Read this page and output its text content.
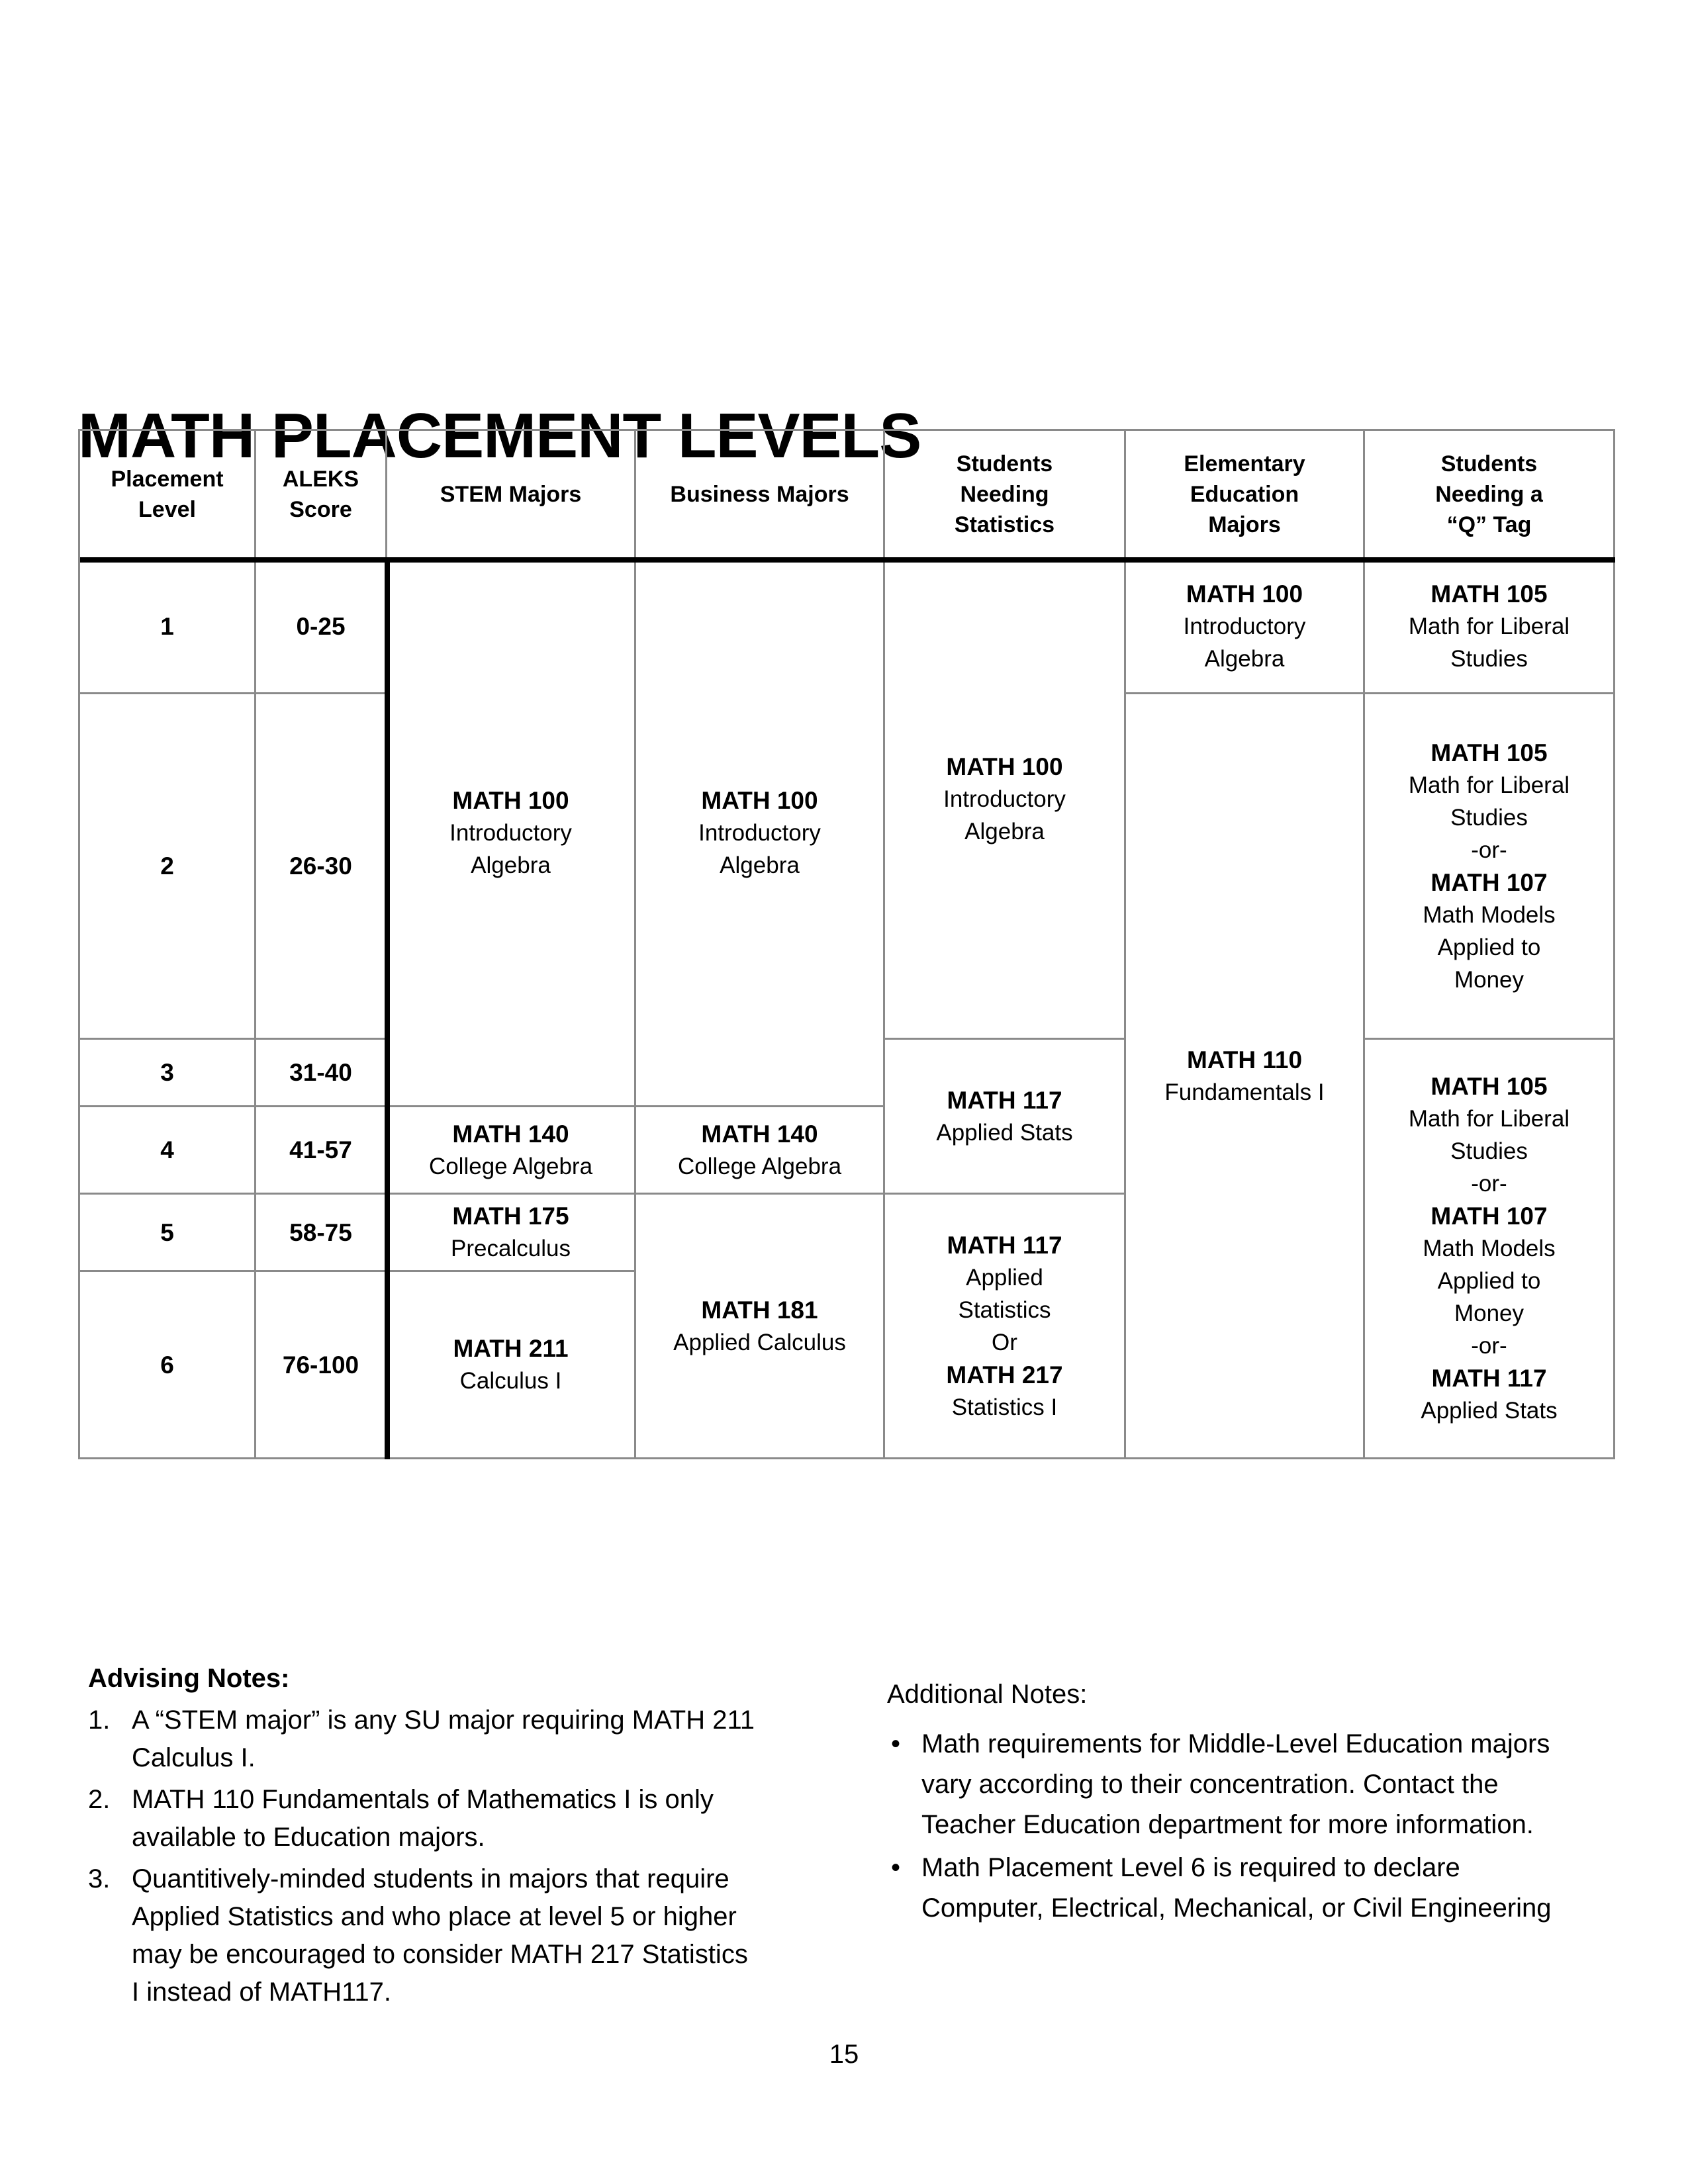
MATH PLACEMENT LEVELS
Placement
Level
ALEKS
Score
STEM Majors	Business Majors
Students
Needing
Statistics
Elementary
Education
Majors
Students
Needing a
“Q” Tag
1
2
3
4
5
6
0-25
26-30
31-40
41-57
58-75
76-100
MATH 100
Introductory
Algebra
MATH 140
College Algebra
MATH 175
Precalculus
MATH 211
Calculus I
MATH 100
Introductory
Algebra
MATH 140
College Algebra
MATH 181
Applied Calculus
MATH 100
Introductory
Algebra
MATH 117
Applied Stats
MATH 117
Applied
Statistics
Or
MATH 217
Statistics I
MATH 100
Introductory
Algebra
MATH 110
Fundamentals I
MATH 105
Math for Liberal
Studies
MATH 105
Math for Liberal
Studies
-or-
MATH 107
Math Models
Applied to
Money
MATH 105
Math for Liberal
Studies
-or-
MATH 107
Math Models
Applied to
Money
-or-
MATH 117
Applied Stats
Advising Notes:
1. A “STEM major” is any SU major requiring MATH 211 Calculus I.
2. MATH 110 Fundamentals of Mathematics I is only available to Education majors.
3. Quantitively-minded students in majors that require Applied Statistics and who place at level 5 or higher may be encouraged to consider MATH 217 Statistics I instead of MATH117.
Additional Notes:
• Math requirements for Middle-Level Education majors vary according to their concentration. Contact the Teacher Education department for more information.
• Math Placement Level 6 is required to declare Computer, Electrical, Mechanical, or Civil Engineering
15
